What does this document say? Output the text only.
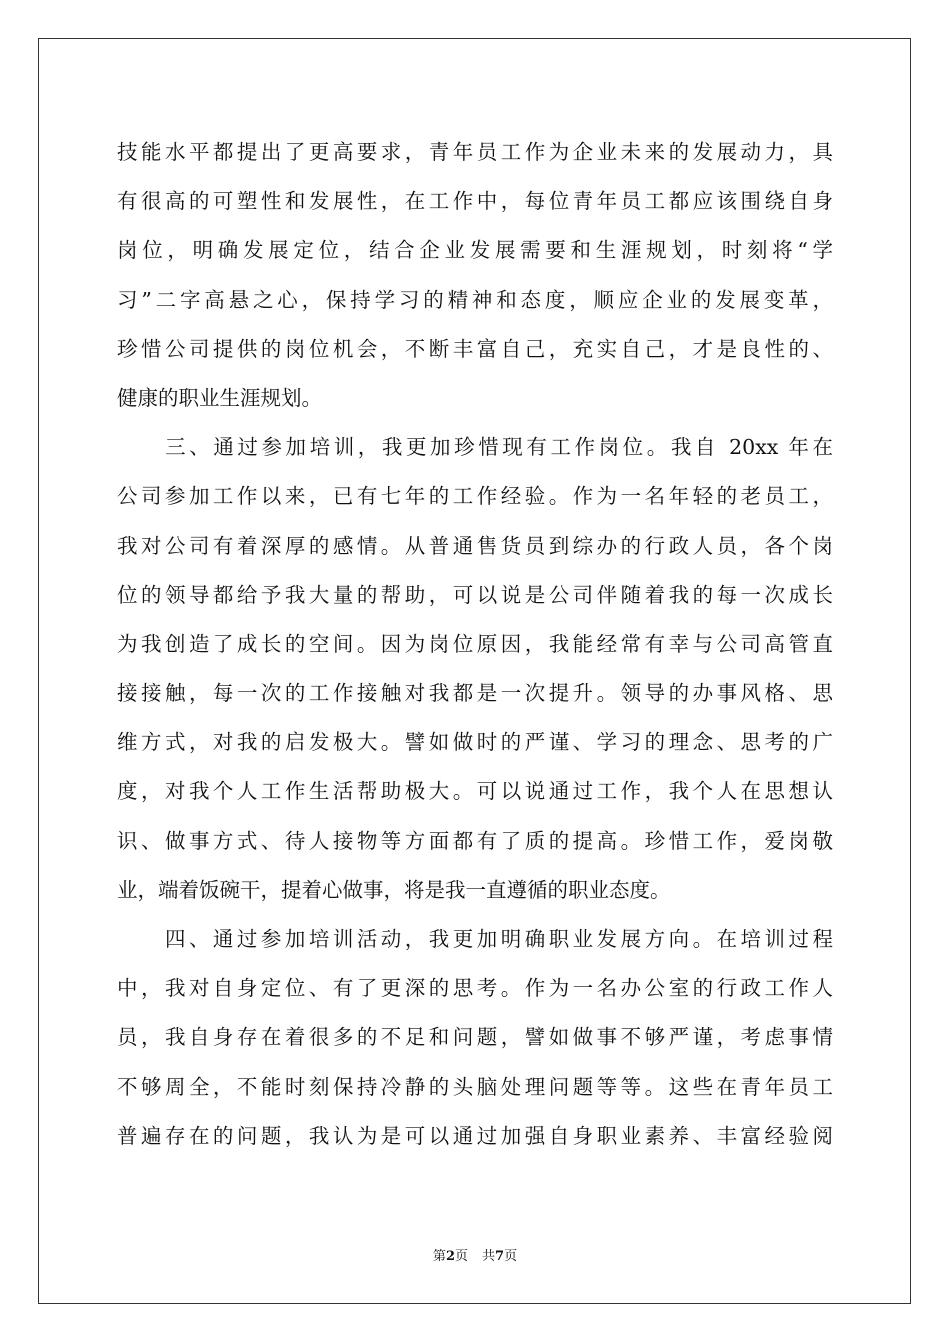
技能水平都提出了更高要求，青年员工作为企业未来的发展动力，具
有很高的可塑性和发展性，在工作中，每位青年员工都应该围绕自身
岗位，明确发展定位，结合企业发展需要和生涯规划，时刻将“学
习”二字高悬之心，保持学习的精神和态度，顺应企业的发展变革，
珍惜公司提供的岗位机会，不断丰富自己，充实自己，才是良性的、
健康的职业生涯规划。
　　三、通过参加培训，我更加珍惜现有工作岗位。我自 20xx 年在
公司参加工作以来，已有七年的工作经验。作为一名年轻的老员工，
我对公司有着深厚的感情。从普通售货员到综办的行政人员，各个岗
位的领导都给予我大量的帮助，可以说是公司伴随着我的每一次成长
为我创造了成长的空间。因为岗位原因，我能经常有幸与公司高管直
接接触，每一次的工作接触对我都是一次提升。领导的办事风格、思
维方式，对我的启发极大。譬如做时的严谨、学习的理念、思考的广
度，对我个人工作生活帮助极大。可以说通过工作，我个人在思想认
识、做事方式、待人接物等方面都有了质的提高。珍惜工作，爱岗敬
业，端着饭碗干，提着心做事，将是我一直遵循的职业态度。
　　四、通过参加培训活动，我更加明确职业发展方向。在培训过程
中，我对自身定位、有了更深的思考。作为一名办公室的行政工作人
员，我自身存在着很多的不足和问题，譬如做事不够严谨，考虑事情
不够周全，不能时刻保持冷静的头脑处理问题等等。这些在青年员工
普遍存在的问题，我认为是可以通过加强自身职业素养、丰富经验阅
第2页 共7页
